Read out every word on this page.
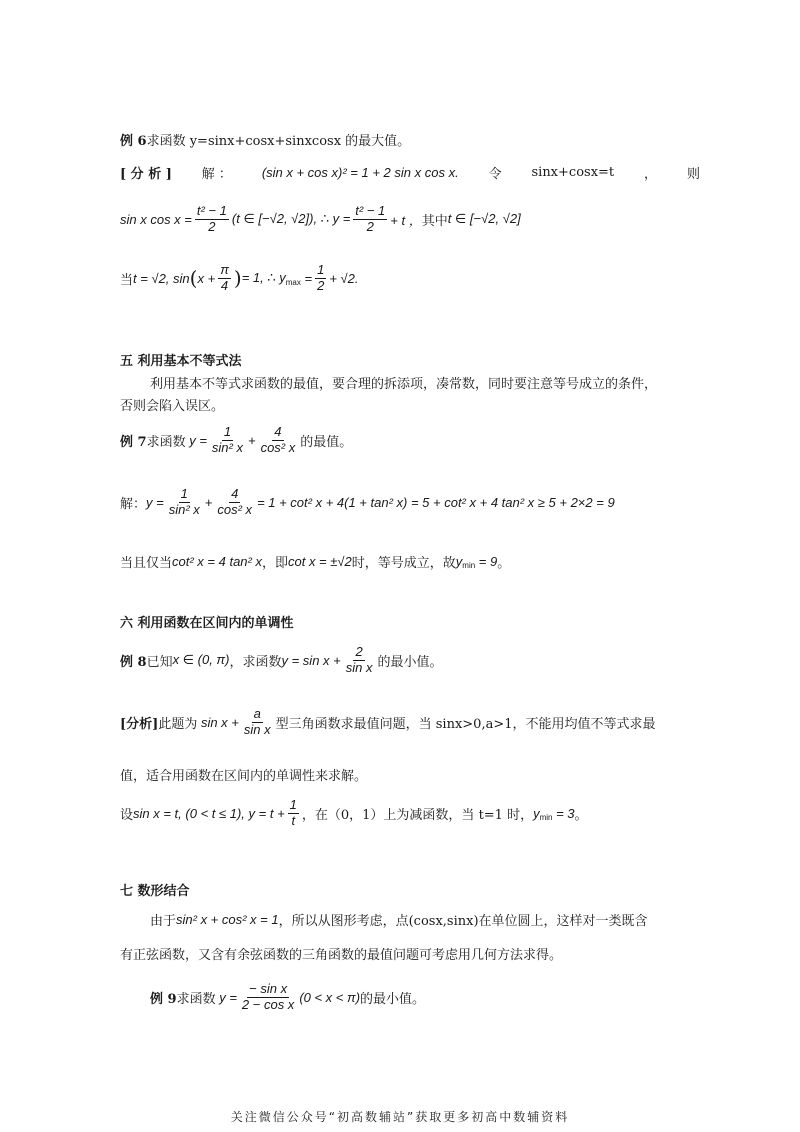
例 6 求函数 y=sinx+cosx+sinxcosx 的最大值。
[ 分 析 ] 解 ： (sin x + cos x)² = 1 + 2 sin x cos x. 令 sinx+cosx=t ， 则
sin x $\cos x = \frac{\text{t² − 1}}{2} (t$ ∈ [−√2, √2]), ∴ $y = \frac{\text{t² − 1}}{2} + t$ ， 其中 t ∈ [−√2, √2]
当 t = √2, sin ( $x + \frac{\pi}{4}$ ) = 1, ∴ y $\max = \frac{1}{2} + √2$.
五 利用基本不等式法
利用基本不等式求函数的最值，要合理的拆添项，凑常数，同时要注意等号成立的条件，
否则会陷入误区。
例 7 求函数 $y = \frac{1}{\text{sin² x}} + \frac{4}{\text{cos² x}}$ 的最值。
解： $y = \frac{1}{\text{sin² x}} + \frac{4}{\text{cos² x}} = 1 + \cot^2$ x + 4(1 + tan² x) = 5 + cot² x + 4 tan² x ≥ 5 + 2×2 = 9
当且仅当 cot² x = 4 tan² x ，即 cot x = ±√2 时，等号成立，故 y min = 9 。
六 利用函数在区间内的单调性
例 8 已知 x ∈ (0, π) ，求函数 $y = \sin x + \frac{2}{\text{sin x}}$ 的最小值。
[分析] 此题为 $\sin x + \frac{a}{\text{sin x}}$ 型三角函数求最值问题，当 sinx>0,a>1，不能用均值不等式求最
值，适合用函数在区间内的单调性来求解。
设 sin x = t, (0 < t ≤ 1), $y = t + \frac{1}{t}$ ，在（0，1）上为减函数，当 t=1 时， y min = 3 。
七 数形结合
由于 sin² x + cos² x = 1 ，所以从图形考虑，点(cosx,sinx)在单位圆上，这样对一类既含
有正弦函数，又含有余弦函数的三角函数的最值问题可考虑用几何方法求得。
例 9 求函数 $y = \frac{\text{− sin x}}{\text{2 − cos x}} (0 < x < \pi)$ 的最小值。
关注微信公众号“初高数辅站”获取更多初高中数辅资料
